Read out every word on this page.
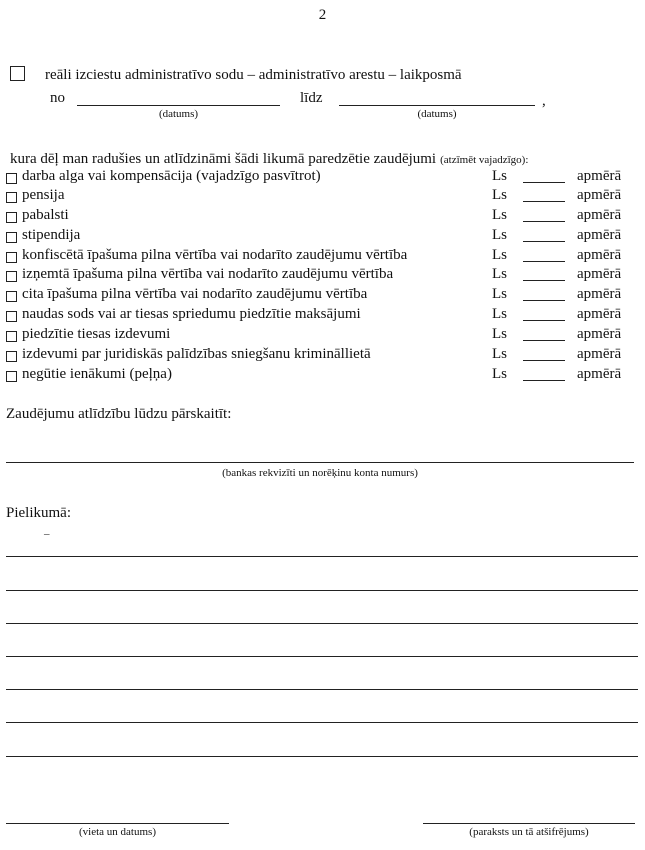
2
reāli izciestu administratīvo sodu – administratīvo arestu – laikposmā
no	līdz	,
(datums)	(datums)
kura dēļ man radušies un atlīdzināmi šādi likumā paredzētie zaudējumi (atzīmēt vajadzīgo):
darba alga vai kompensācija (vajadzīgo pasvītrot)	Ls	apmērā
pensija	Ls	apmērā
pabalsti	Ls	apmērā
stipendija	Ls	apmērā
konfiscētā īpašuma pilna vērtība vai nodarīto zaudējumu vērtība	Ls	apmērā
izņemtā īpašuma pilna vērtība vai nodarīto zaudējumu vērtība	Ls	apmērā
cita īpašuma pilna vērtība vai nodarīto zaudējumu vērtība	Ls	apmērā
naudas sods vai ar tiesas spriedumu piedzītie maksājumi	Ls	apmērā
piedzītie tiesas izdevumi	Ls	apmērā
izdevumi par juridiskās palīdzības sniegšanu krimināllietā	Ls	apmērā
negūtie ienākumi (peļņa)	Ls	apmērā
Zaudējumu atlīdzību lūdzu pārskaitīt:
(bankas rekvizīti un norēķinu konta numurs)
Pielikumā:
–
(vieta un datums)	(paraksts un tā atšifrējums)
